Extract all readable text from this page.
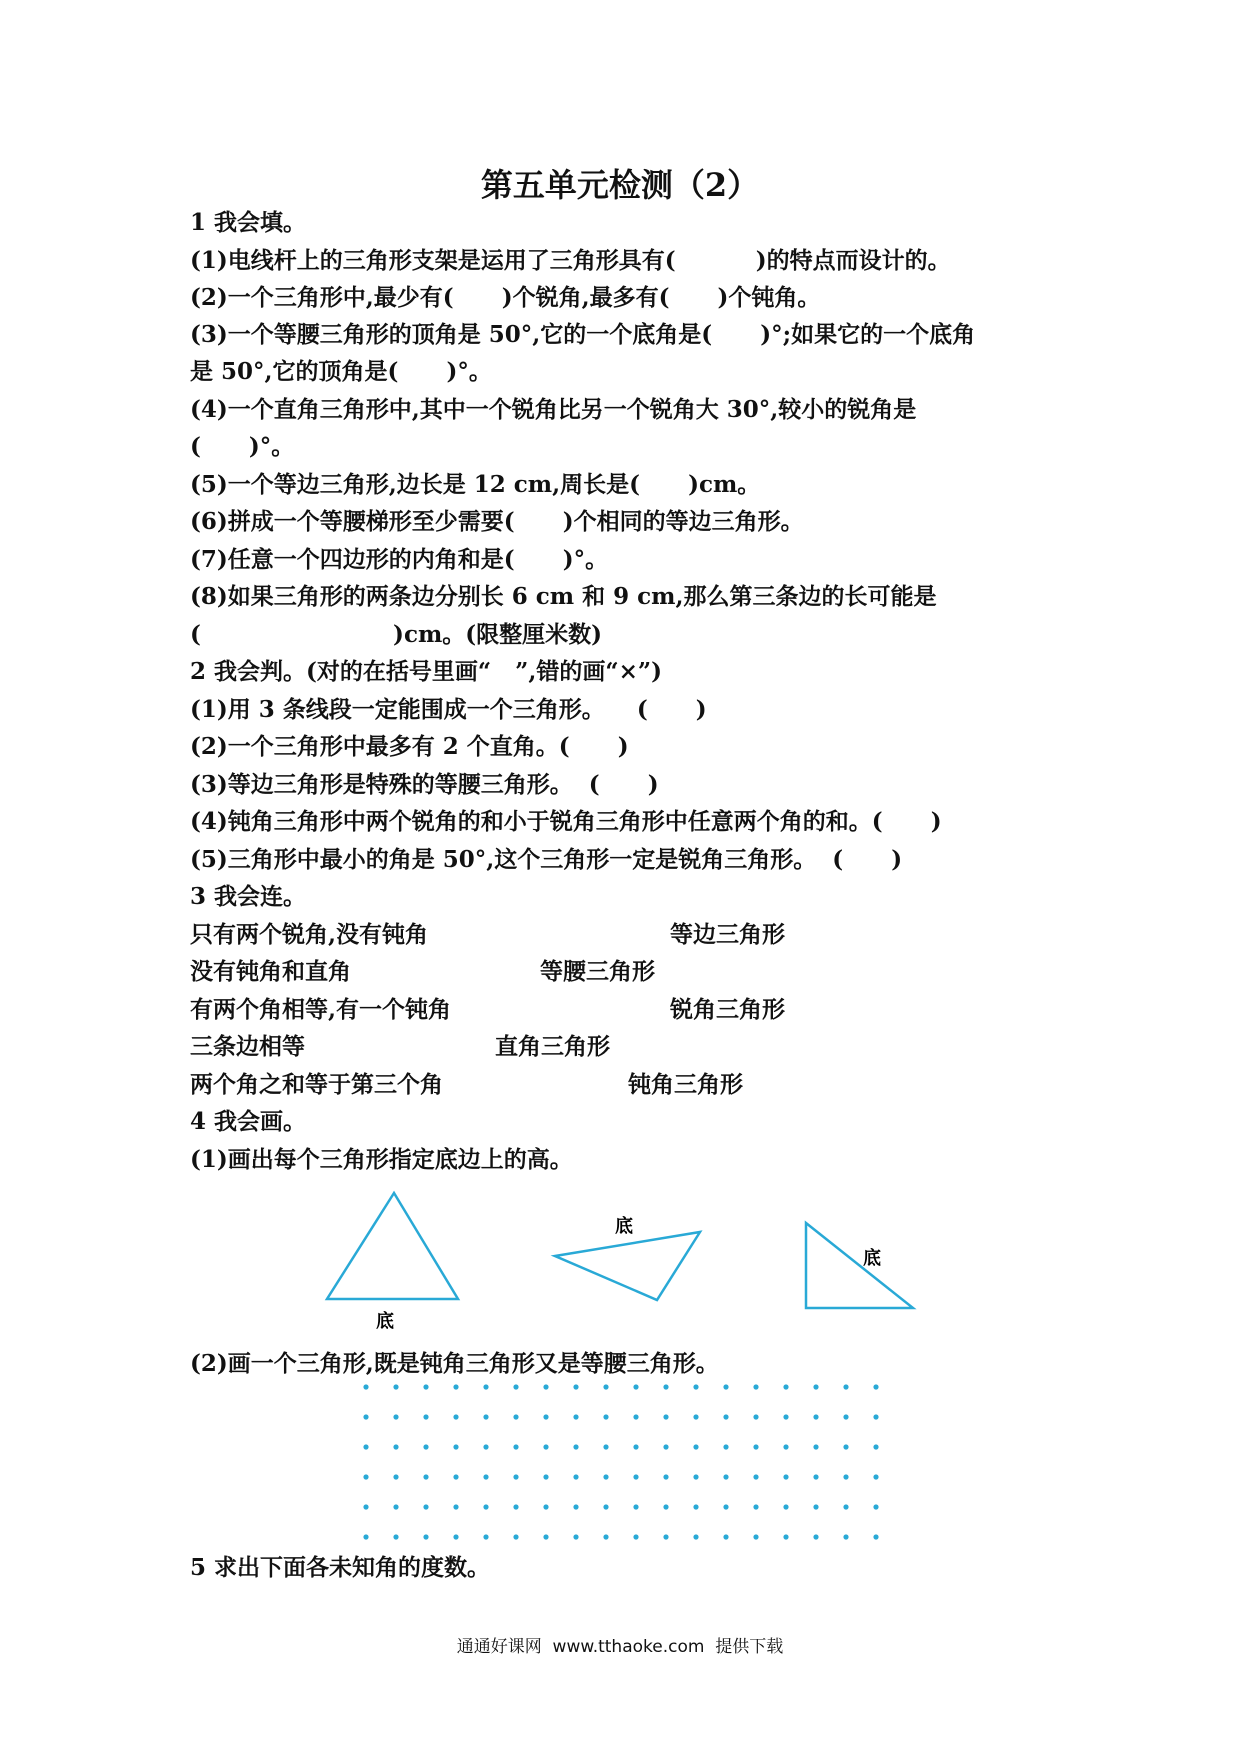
第五单元检测（2）
1 我会填。
(1)电线杆上的三角形支架是运用了三角形具有(          )的特点而设计的。
(2)一个三角形中,最少有(      )个锐角,最多有(      )个钝角。
(3)一个等腰三角形的顶角是 50°,它的一个底角是(      )°;如果它的一个底角
是 50°,它的顶角是(      )°。
(4)一个直角三角形中,其中一个锐角比另一个锐角大 30°,较小的锐角是
(      )°。
(5)一个等边三角形,边长是 12 cm,周长是(      )cm。
(6)拼成一个等腰梯形至少需要(      )个相同的等边三角形。
(7)任意一个四边形的内角和是(      )°。
(8)如果三角形的两条边分别长 6 cm 和 9 cm,那么第三条边的长可能是
(                        )cm。(限整厘米数)
2 我会判。(对的在括号里画“   ”,错的画“×”)
(1)用 3 条线段一定能围成一个三角形。    (      )
(2)一个三角形中最多有 2 个直角。(      )
(3)等边三角形是特殊的等腰三角形。  (      )
(4)钝角三角形中两个锐角的和小于锐角三角形中任意两个角的和。(      )
(5)三角形中最小的角是 50°,这个三角形一定是锐角三角形。  (      )
3 我会连。
只有两个锐角,没有钝角	等边三角形
没有钝角和直角	等腰三角形
有两个角相等,有一个钝角	锐角三角形
三条边相等	直角三角形
两个角之和等于第三个角	钝角三角形
4 我会画。
(1)画出每个三角形指定底边上的高。
底
底
底
(2)画一个三角形,既是钝角三角形又是等腰三角形。
5 求出下面各未知角的度数。
通通好课网  www.tthaoke.com  提供下载
